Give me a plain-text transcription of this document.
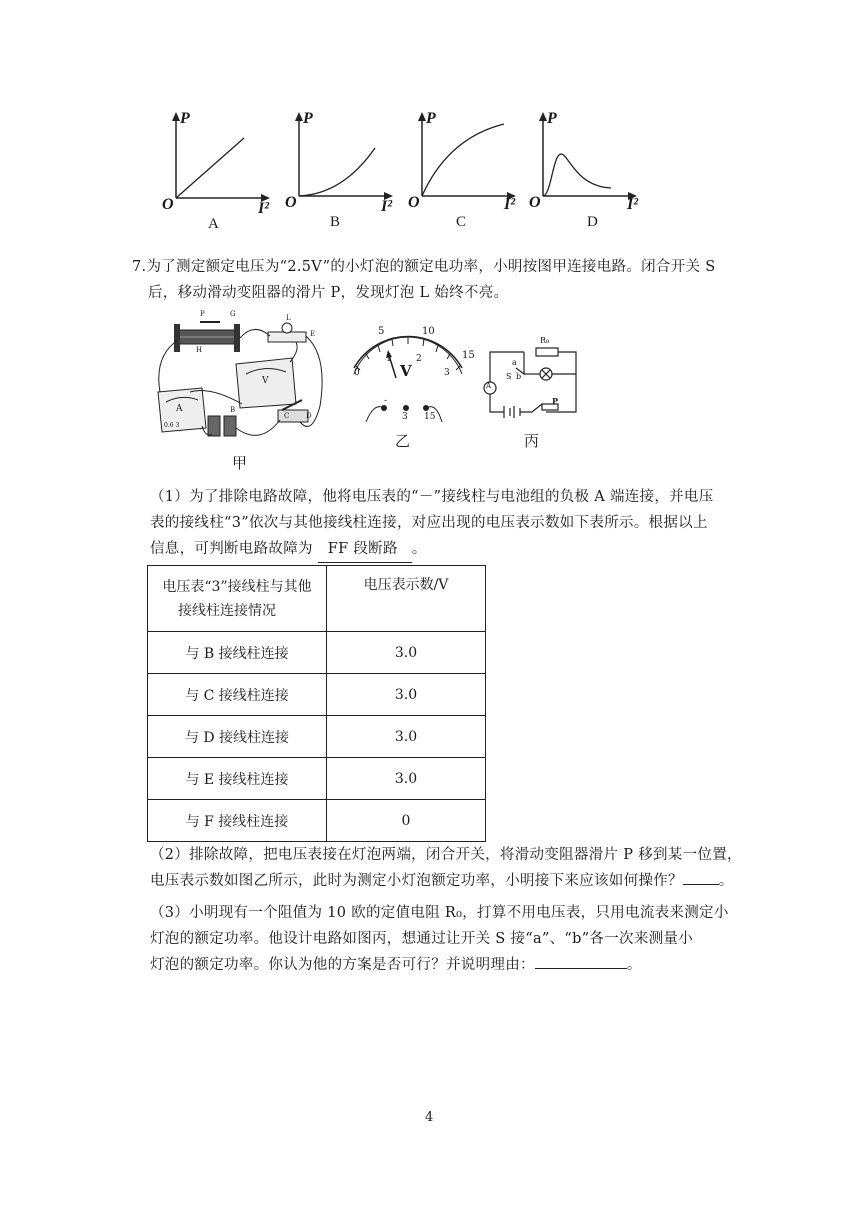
P
O	I²
A
P
O	I²
B
P
O	I²
C
P
O	I²
D
7.为了测定额定电压为“2.5V”的小灯泡的额定电功率，小明按图甲连接电路。闭合开关 S
后，移动滑动变阻器的滑片 P，发现灯泡 L 始终不亮。
P	G	L
H
E
V
A	B
C D
0.6 3
甲
5	10
15
0
1	2
3
V
-
3 15
乙
A
a
b
S
R₀
P
丙
（1）为了排除电路故障，他将电压表的“－”接线柱与电池组的负极 A 端连接，并电压
表的接线柱“3”依次与其他接线柱连接，对应出现的电压表示数如下表所示。根据以上
信息，可判断电路故障为 FF 段断路 。
电压表“3”接线柱与其他
接线柱连接情况	电压表示数/V
与 B 接线柱连接	3.0
与 C 接线柱连接	3.0
与 D 接线柱连接	3.0
与 E 接线柱连接	3.0
与 F 接线柱连接	0
（2）排除故障，把电压表接在灯泡两端，闭合开关，将滑动变阻器滑片 P 移到某一位置，
电压表示数如图乙所示，此时为测定小灯泡额定功率，小明接下来应该如何操作？ 。
（3）小明现有一个阻值为 10 欧的定值电阻 R₀，打算不用电压表，只用电流表来测定小
灯泡的额定功率。他设计电路如图丙，想通过让开关 S 接“a”、“b”各一次来测量小
灯泡的额定功率。你认为他的方案是否可行？并说明理由：	。
4
